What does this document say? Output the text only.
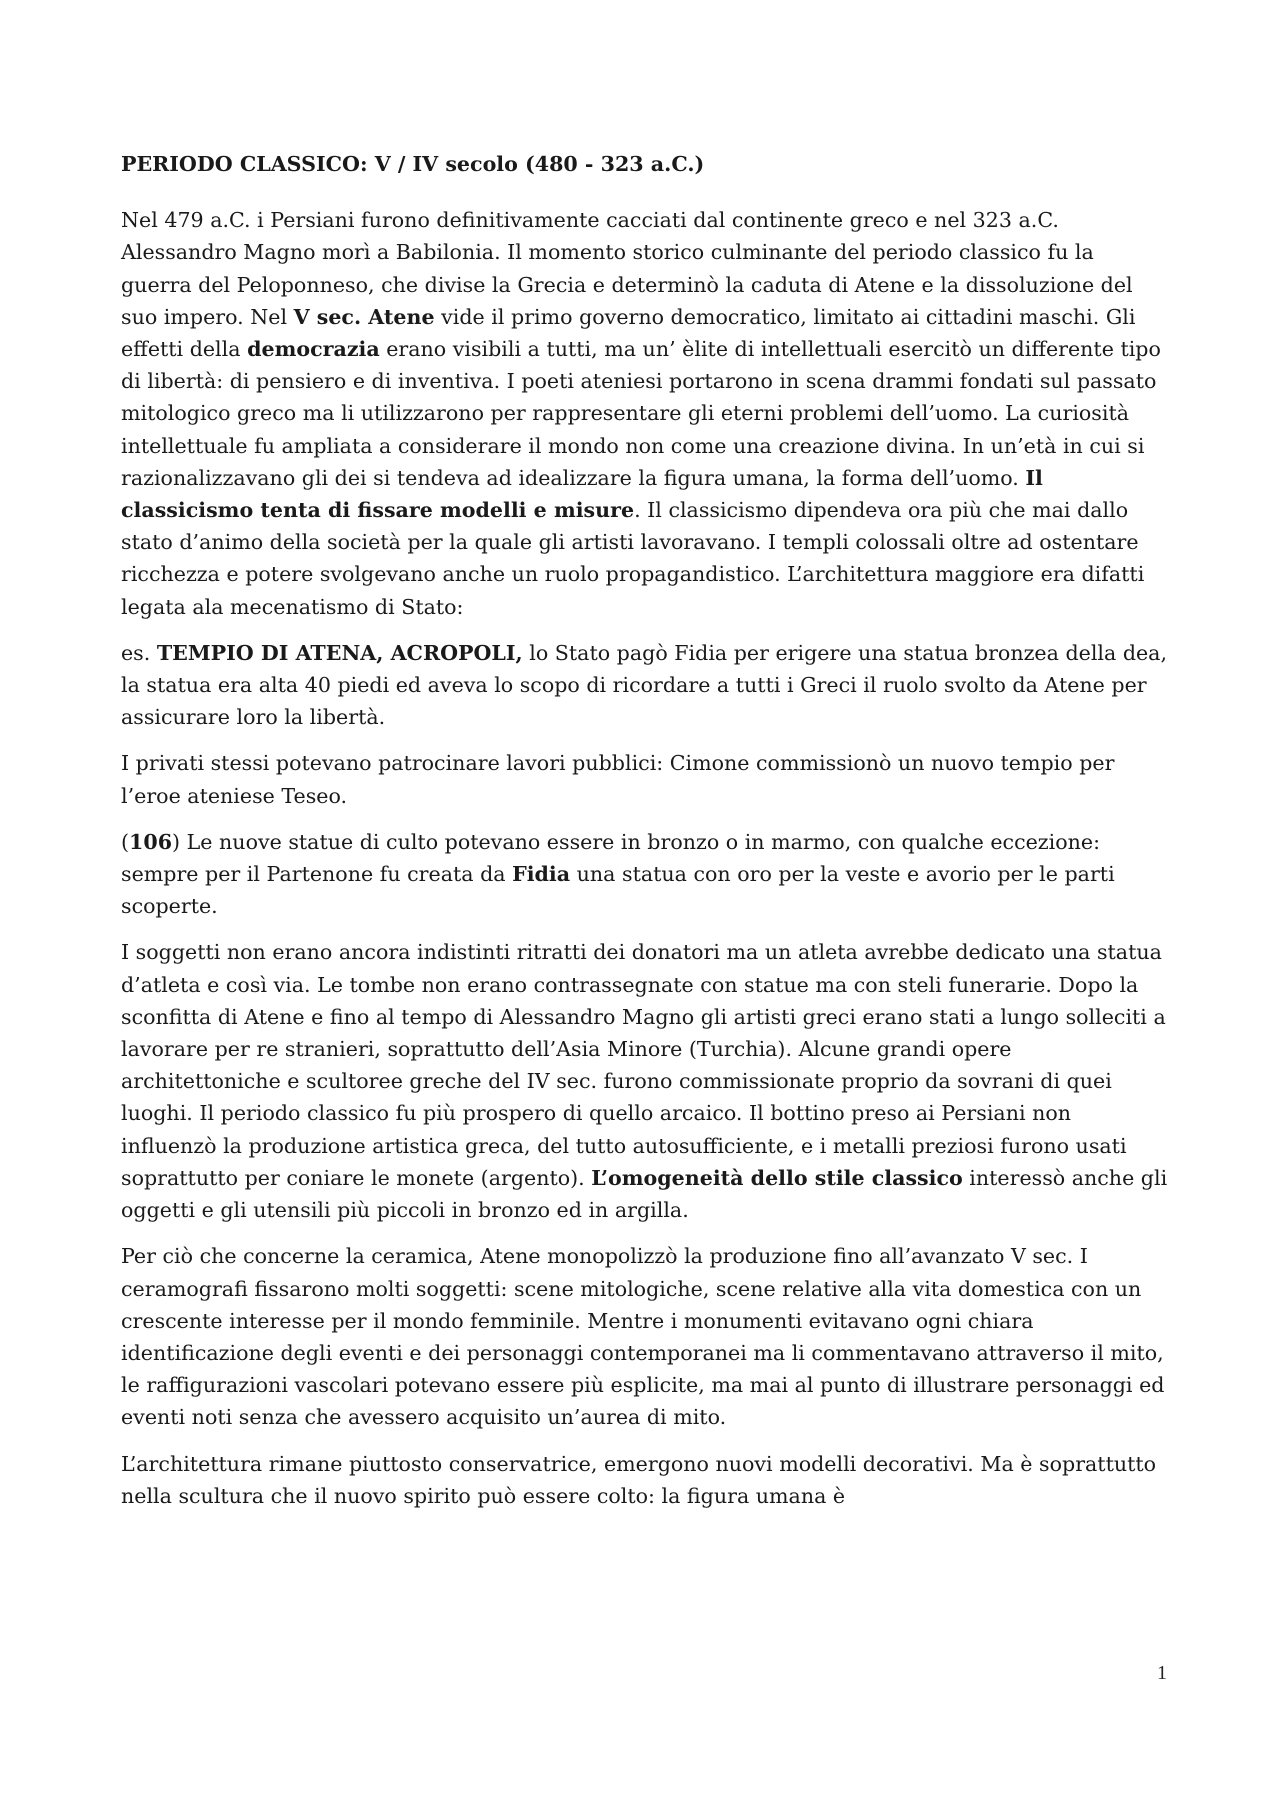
PERIODO CLASSICO: V / IV secolo (480 - 323 a.C.)

Nel 479 a.C. i Persiani furono definitivamente cacciati dal continente greco e nel 323 a.C. Alessandro Magno morì a Babilonia. Il momento storico culminante del periodo classico fu la guerra del Peloponneso, che divise la Grecia e determinò la caduta di Atene e la dissoluzione del suo impero. Nel V sec. Atene vide il primo governo democratico, limitato ai cittadini maschi. Gli effetti della democrazia erano visibili a tutti, ma un’ èlite di intellettuali esercitò un differente tipo di libertà: di pensiero e di inventiva. I poeti ateniesi portarono in scena drammi fondati sul passato mitologico greco ma li utilizzarono per rappresentare gli eterni problemi dell’uomo. La curiosità intellettuale fu ampliata a considerare il mondo non come una creazione divina. In un’età in cui si razionalizzavano gli dei si tendeva ad idealizzare la figura umana, la forma dell’uomo. Il classicismo tenta di fissare modelli e misure. Il classicismo dipendeva ora più che mai dallo stato d’animo della società per la quale gli artisti lavoravano. I templi colossali oltre ad ostentare ricchezza e potere svolgevano anche un ruolo propagandistico. L’architettura maggiore era difatti legata ala mecenatismo di Stato:

es. TEMPIO DI ATENA, ACROPOLI, lo Stato pagò Fidia per erigere una statua bronzea della dea, la statua era alta 40 piedi ed aveva lo scopo di ricordare a tutti i Greci il ruolo svolto da Atene per assicurare loro la libertà.

I privati stessi potevano patrocinare lavori pubblici: Cimone commissionò un nuovo tempio per l’eroe ateniese Teseo.

(106) Le nuove statue di culto potevano essere in bronzo o in marmo, con qualche eccezione: sempre per il Partenone fu creata da Fidia una statua con oro per la veste e avorio per le parti scoperte.

I soggetti non erano ancora indistinti ritratti dei donatori ma un atleta avrebbe dedicato una statua d’atleta e così via. Le tombe non erano contrassegnate con statue ma con steli funerarie. Dopo la sconfitta di Atene e fino al tempo di Alessandro Magno gli artisti greci erano stati a lungo solleciti a lavorare per re stranieri, soprattutto dell’Asia Minore (Turchia). Alcune grandi opere architettoniche e scultoree greche del IV sec. furono commissionate proprio da sovrani di quei luoghi. Il periodo classico fu più prospero di quello arcaico. Il bottino preso ai Persiani non influenzò la produzione artistica greca, del tutto autosufficiente, e i metalli preziosi furono usati soprattutto per coniare le monete (argento). L’omogeneità dello stile classico interessò anche gli oggetti e gli utensili più piccoli in bronzo ed in argilla.

Per ciò che concerne la ceramica, Atene monopolizzò la produzione fino all’avanzato V sec. I ceramografi fissarono molti soggetti: scene mitologiche, scene relative alla vita domestica con un crescente interesse per il mondo femminile. Mentre i monumenti evitavano ogni chiara identificazione degli eventi e dei personaggi contemporanei ma li commentavano attraverso il mito, le raffigurazioni vascolari potevano essere più esplicite, ma mai al punto di illustrare personaggi ed eventi noti senza che avessero acquisito un’aurea di mito.

L’architettura rimane piuttosto conservatrice, emergono nuovi modelli decorativi. Ma è soprattutto nella scultura che il nuovo spirito può essere colto: la figura umana è

1
